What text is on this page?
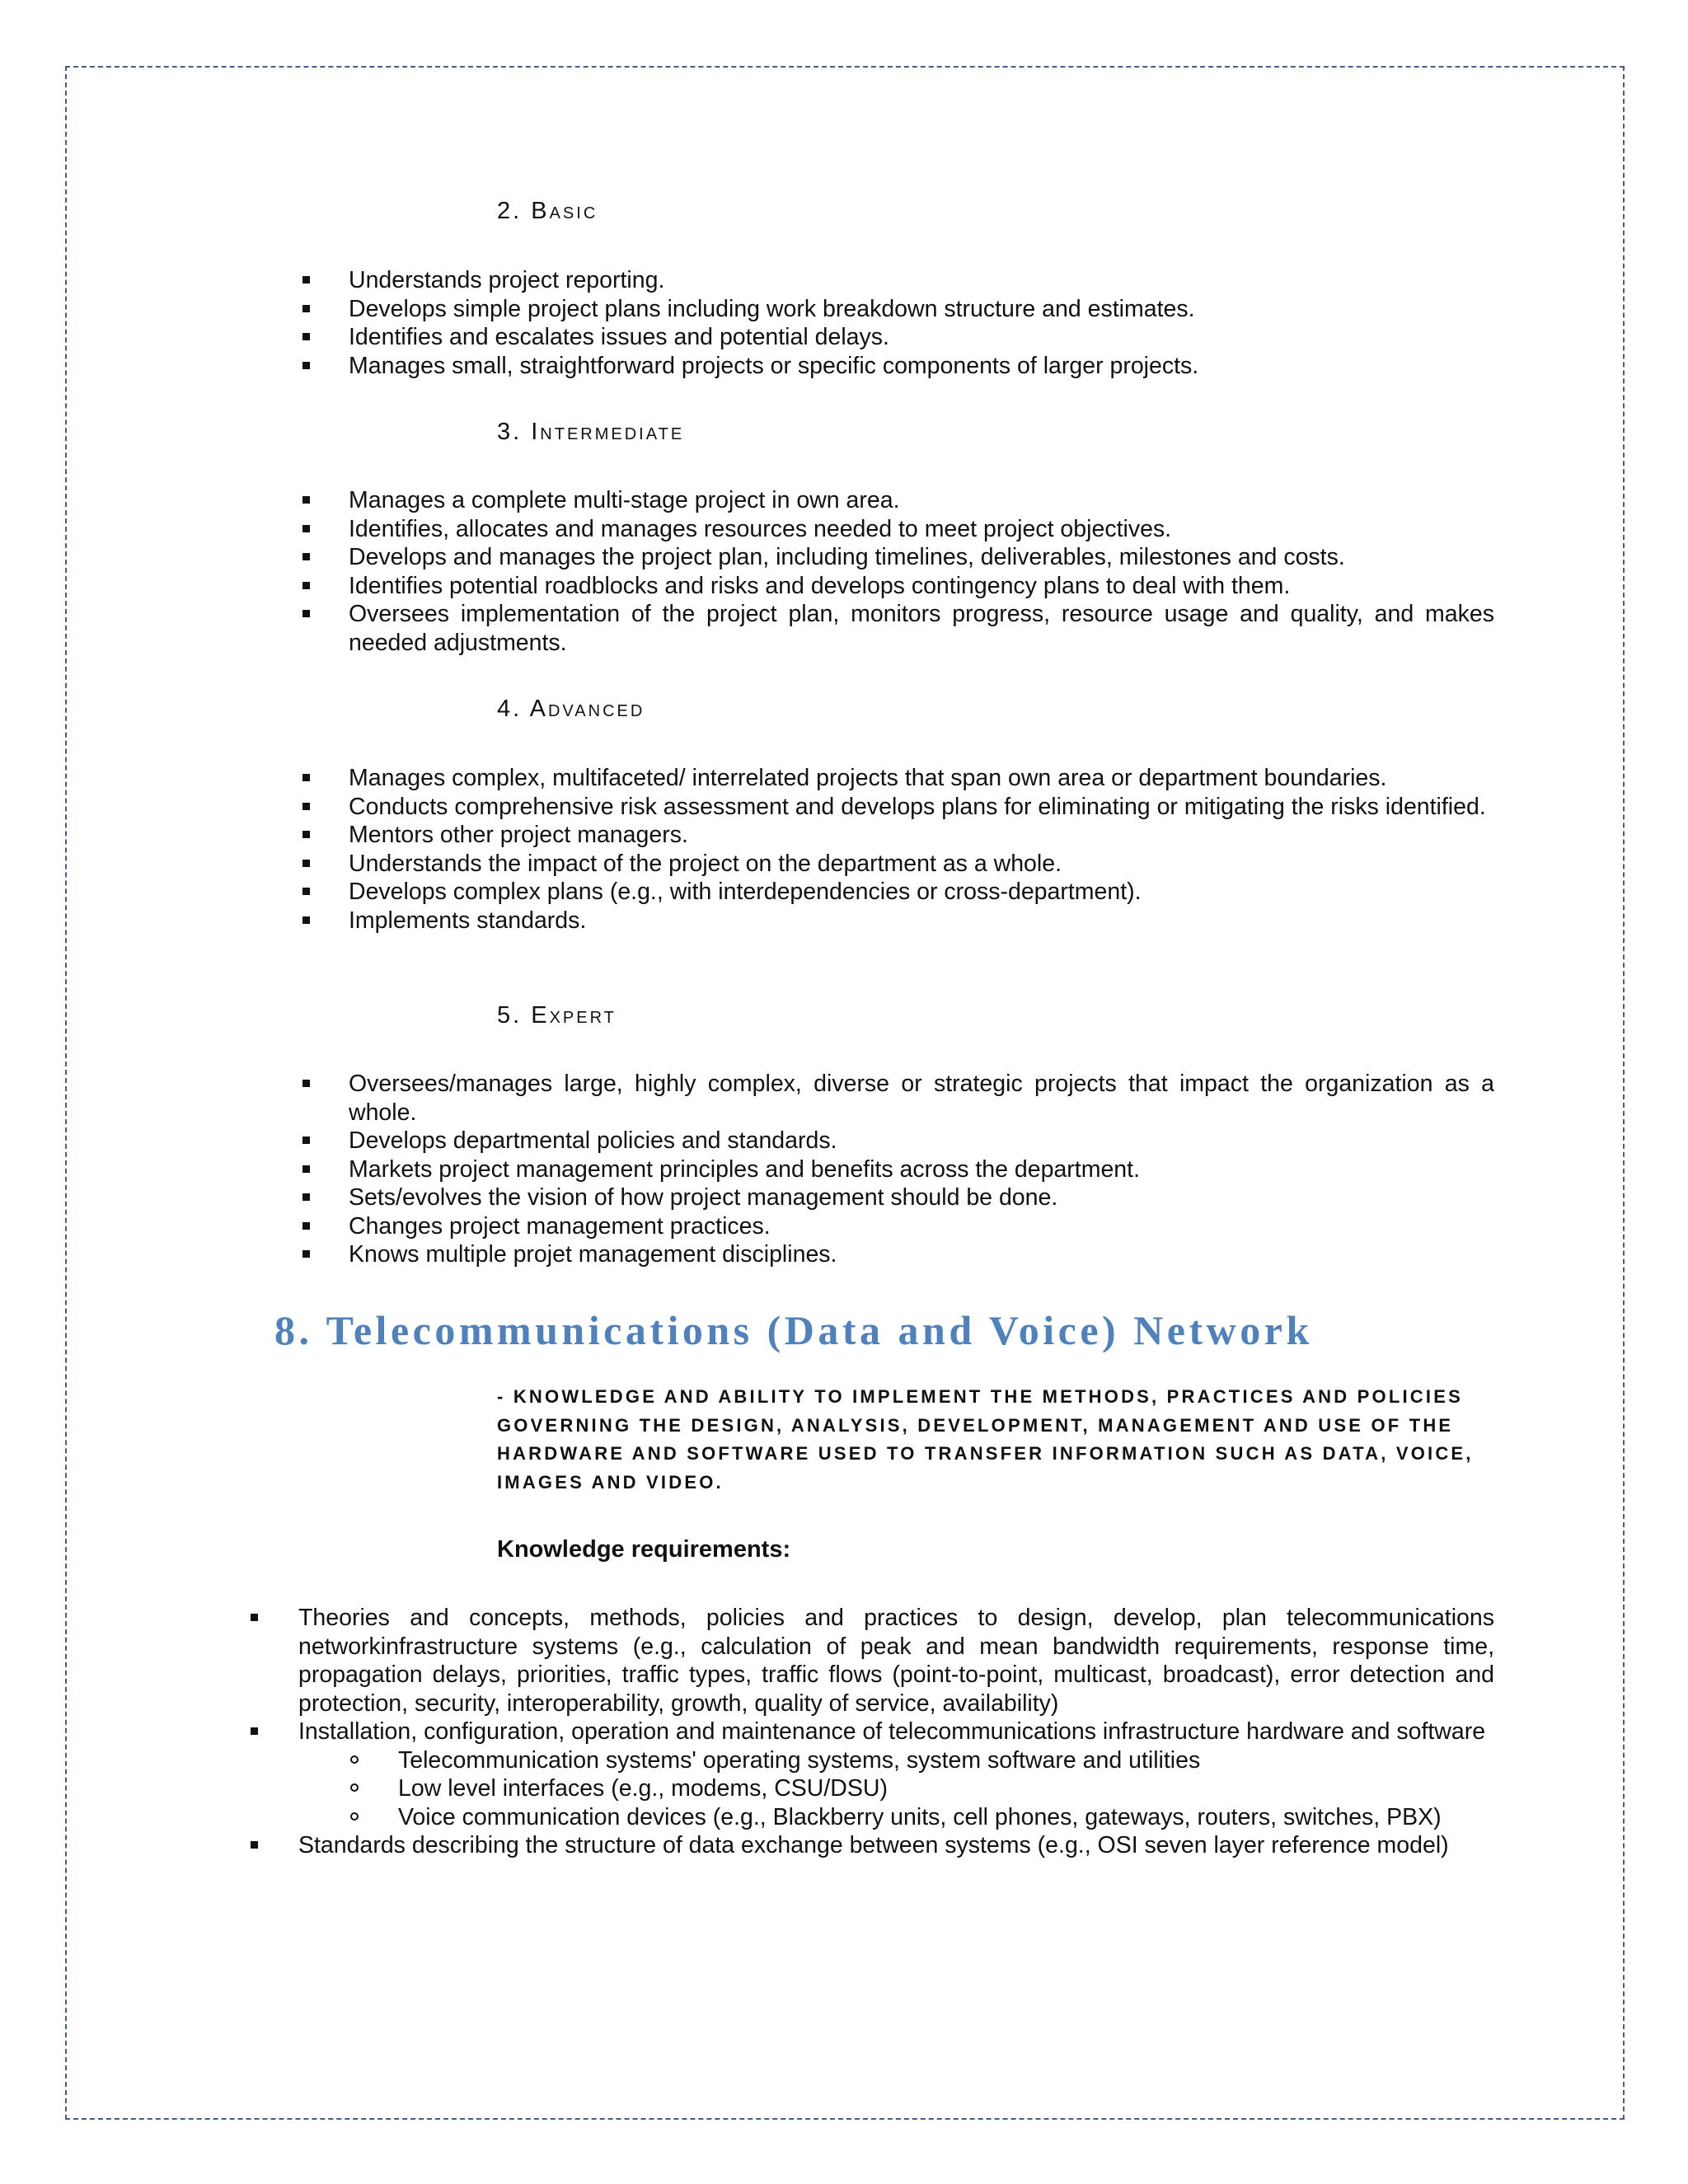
2. Basic
Understands project reporting.
Develops simple project plans including work breakdown structure and estimates.
Identifies and escalates issues and potential delays.
Manages small, straightforward projects or specific components of larger projects.
3. Intermediate
Manages a complete multi-stage project in own area.
Identifies, allocates and manages resources needed to meet project objectives.
Develops and manages the project plan, including timelines, deliverables, milestones and costs.
Identifies potential roadblocks and risks and develops contingency plans to deal with them.
Oversees implementation of the project plan, monitors progress, resource usage and quality, and makes needed adjustments.
4. Advanced
Manages complex, multifaceted/ interrelated projects that span own area or department boundaries.
Conducts comprehensive risk assessment and develops plans for eliminating or mitigating the risks identified.
Mentors other project managers.
Understands the impact of the project on the department as a whole.
Develops complex plans (e.g., with interdependencies or cross-department).
Implements standards.
5. Expert
Oversees/manages large, highly complex, diverse or strategic projects that impact the organization as a whole.
Develops departmental policies and standards.
Markets project management principles and benefits across the department.
Sets/evolves the vision of how project management should be done.
Changes project management practices.
Knows multiple projet management disciplines.
8. Telecommunications (Data and Voice) Network

- KNOWLEDGE AND ABILITY TO IMPLEMENT THE METHODS, PRACTICES AND POLICIES GOVERNING THE DESIGN, ANALYSIS, DEVELOPMENT, MANAGEMENT AND USE OF THE HARDWARE AND SOFTWARE USED TO TRANSFER INFORMATION SUCH AS DATA, VOICE, IMAGES AND VIDEO.

Knowledge requirements:

Theories and concepts, methods, policies and practices to design, develop, plan telecommunications networkinfrastructure systems (e.g., calculation of peak and mean bandwidth requirements, response time, propagation delays, priorities, traffic types, traffic flows (point-to-point, multicast, broadcast), error detection and protection, security, interoperability, growth, quality of service, availability)
Installation, configuration, operation and maintenance of telecommunications infrastructure hardware and software
Telecommunication systems' operating systems, system software and utilities
Low level interfaces (e.g., modems, CSU/DSU)
Voice communication devices (e.g., Blackberry units, cell phones, gateways, routers, switches, PBX)
Standards describing the structure of data exchange between systems (e.g., OSI seven layer reference model)
